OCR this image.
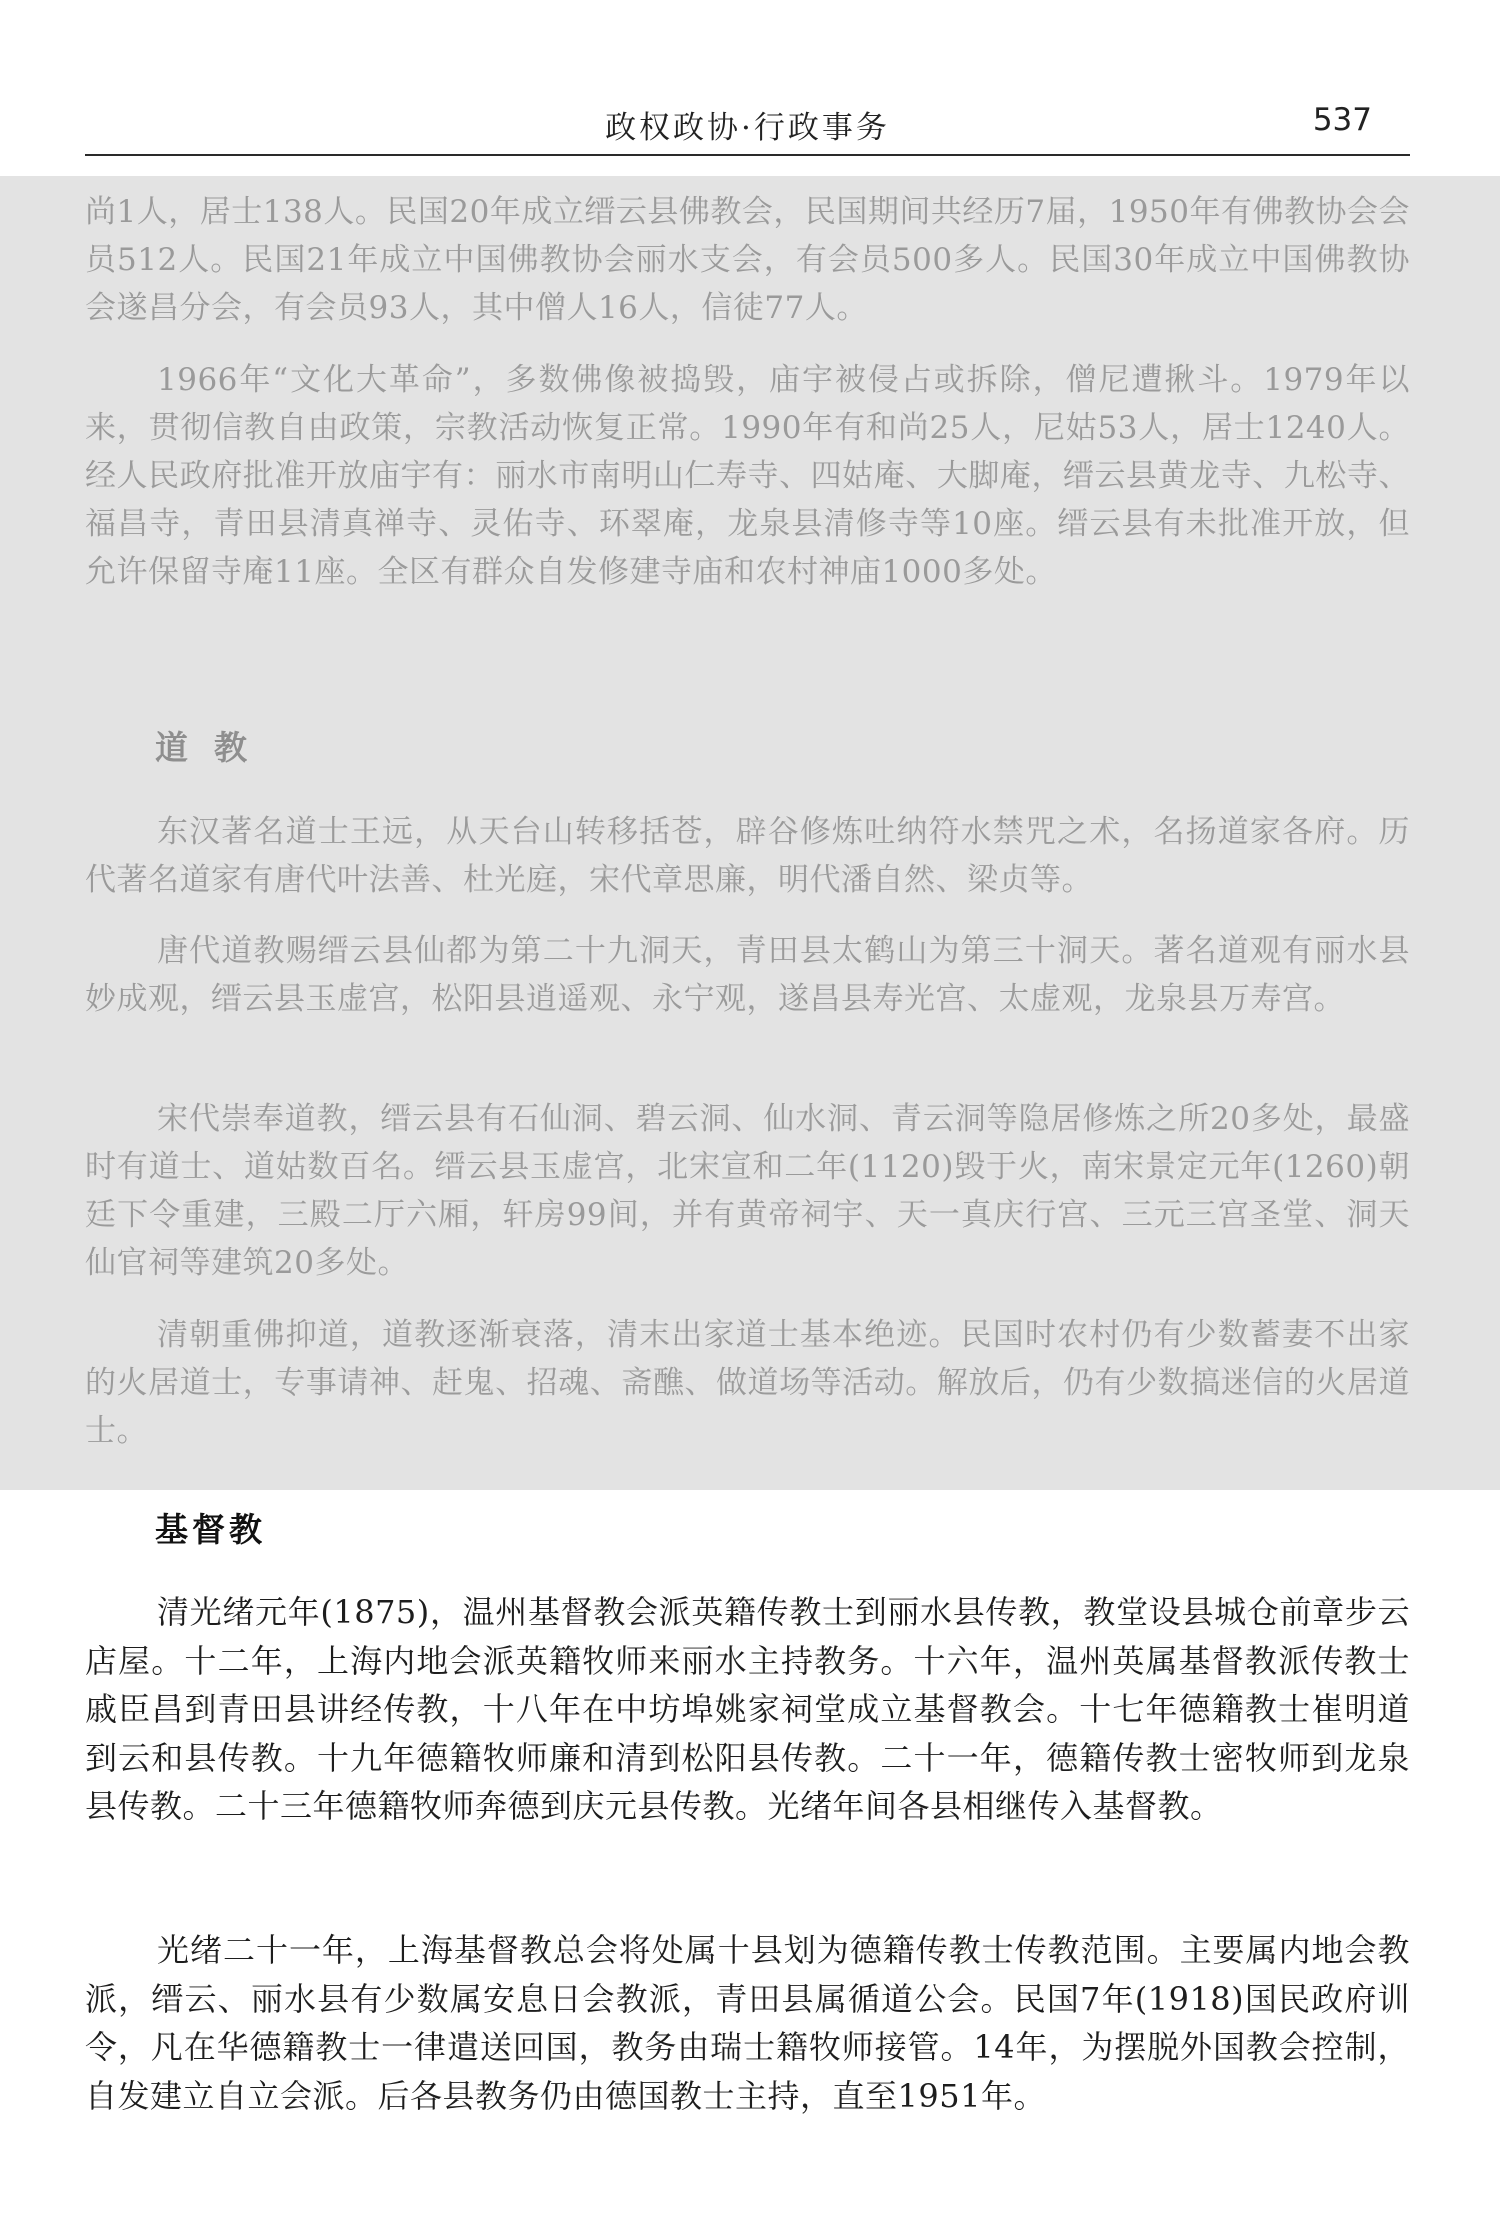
政权政协·行政事务	537

尚1人，居士138人。民国20年成立缙云县佛教会，民国期间共经历7届，1950年有佛教协会会员512人。民国21年成立中国佛教协会丽水支会，有会员500多人。民国30年成立中国佛教协会遂昌分会，有会员93人，其中僧人16人，信徒77人。

1966年“文化大革命”，多数佛像被捣毁，庙宇被侵占或拆除，僧尼遭揪斗。1979年以来，贯彻信教自由政策，宗教活动恢复正常。1990年有和尚25人，尼姑53人，居士1240人。经人民政府批准开放庙宇有：丽水市南明山仁寿寺、四姑庵、大脚庵，缙云县黄龙寺、九松寺、福昌寺，青田县清真禅寺、灵佑寺、环翠庵，龙泉县清修寺等10座。缙云县有未批准开放，但允许保留寺庵11座。全区有群众自发修建寺庙和农村神庙1000多处。

道教

东汉著名道士王远，从天台山转移括苍，辟谷修炼吐纳符水禁咒之术，名扬道家各府。历代著名道家有唐代叶法善、杜光庭，宋代章思廉，明代潘自然、梁贞等。

唐代道教赐缙云县仙都为第二十九洞天，青田县太鹤山为第三十洞天。著名道观有丽水县妙成观，缙云县玉虚宫，松阳县逍遥观、永宁观，遂昌县寿光宫、太虚观，龙泉县万寿宫。

宋代崇奉道教，缙云县有石仙洞、碧云洞、仙水洞、青云洞等隐居修炼之所20多处，最盛时有道士、道姑数百名。缙云县玉虚宫，北宋宣和二年(1120)毁于火，南宋景定元年(1260)朝廷下令重建，三殿二厅六厢，轩房99间，并有黄帝祠宇、天一真庆行宫、三元三宫圣堂、洞天仙官祠等建筑20多处。

清朝重佛抑道，道教逐渐衰落，清末出家道士基本绝迹。民国时农村仍有少数蓄妻不出家的火居道士，专事请神、赶鬼、招魂、斋醮、做道场等活动。解放后，仍有少数搞迷信的火居道士。

基督教

清光绪元年(1875)，温州基督教会派英籍传教士到丽水县传教，教堂设县城仓前章步云店屋。十二年，上海内地会派英籍牧师来丽水主持教务。十六年，温州英属基督教派传教士戚臣昌到青田县讲经传教，十八年在中坊埠姚家祠堂成立基督教会。十七年德籍教士崔明道到云和县传教。十九年德籍牧师廉和清到松阳县传教。二十一年，德籍传教士密牧师到龙泉县传教。二十三年德籍牧师奔德到庆元县传教。光绪年间各县相继传入基督教。

光绪二十一年，上海基督教总会将处属十县划为德籍传教士传教范围。主要属内地会教派，缙云、丽水县有少数属安息日会教派，青田县属循道公会。民国7年(1918)国民政府训令，凡在华德籍教士一律遣送回国，教务由瑞士籍牧师接管。14年，为摆脱外国教会控制，自发建立自立会派。后各县教务仍由德国教士主持，直至1951年。
